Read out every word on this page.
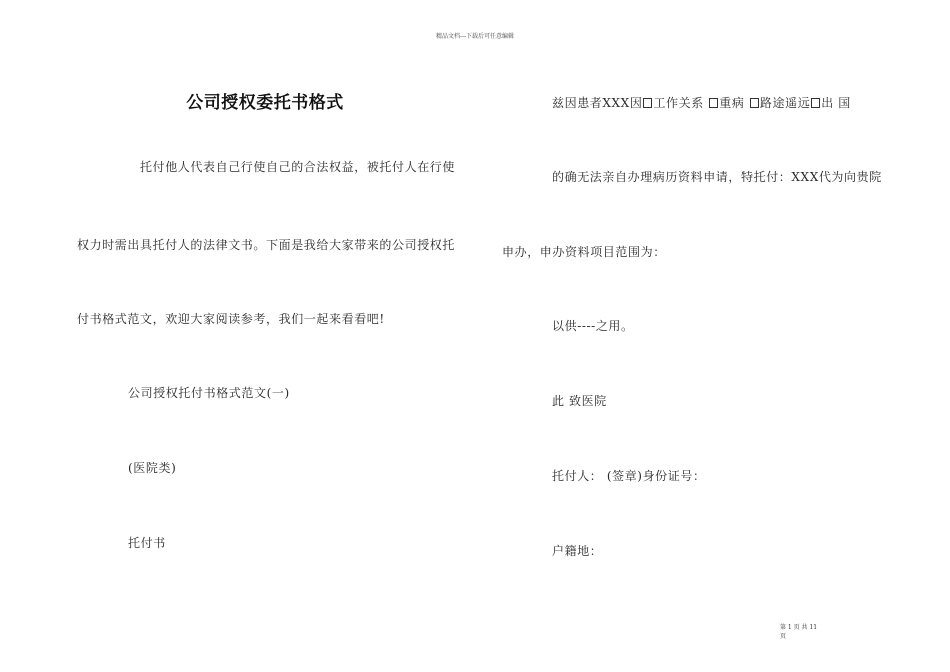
精品文档---下载后可任意编辑
公司授权委托书格式
托付他人代表自己行使自己的合法权益，被托付人在行使
权力时需出具托付人的法律文书。下面是我给大家带来的公司授权托
付书格式范文，欢迎大家阅读参考，我们一起来看看吧!
公司授权托付书格式范文(一)
(医院类)
托付书
兹因患者XXX因 工作关系 重病 路途遥远 出 国
的确无法亲自办理病历资料申请，特托付：XXX代为向贵院
申办，申办资料项目范围为：
以供----之用。
此 致医院
托付人： (签章)身份证号：
户籍地：
第 1 页 共 11
页
